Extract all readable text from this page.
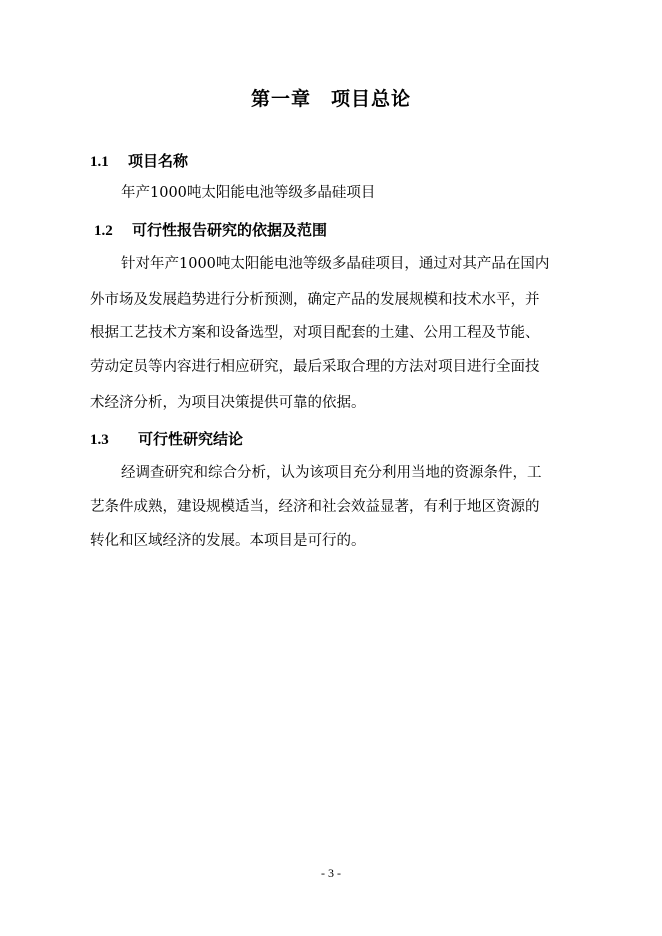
第一章　项目总论
1.1 项目名称
年产1000吨太阳能电池等级多晶硅项目
1.2 可行性报告研究的依据及范围
针对年产1000吨太阳能电池等级多晶硅项目，通过对其产品在国内
外市场及发展趋势进行分析预测，确定产品的发展规模和技术水平，并
根据工艺技术方案和设备选型，对项目配套的土建、公用工程及节能、
劳动定员等内容进行相应研究，最后采取合理的方法对项目进行全面技
术经济分析，为项目决策提供可靠的依据。
1.3 可行性研究结论
经调查研究和综合分析，认为该项目充分利用当地的资源条件，工
艺条件成熟，建设规模适当，经济和社会效益显著，有利于地区资源的
转化和区域经济的发展。本项目是可行的。
- 3 -
